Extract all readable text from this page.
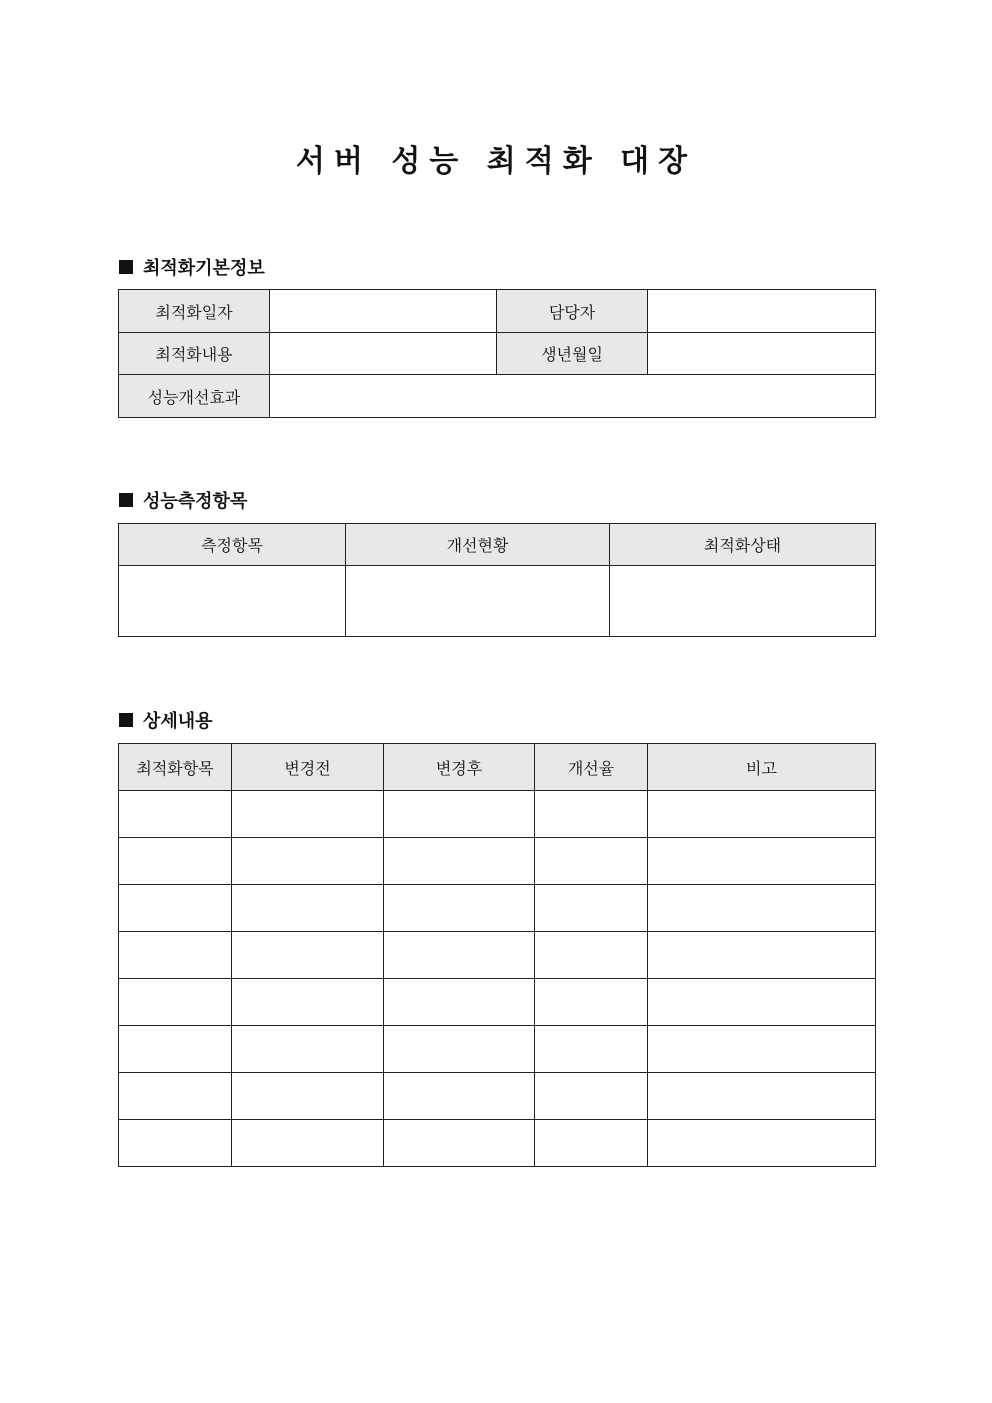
서버 성능 최적화 대장
최적화기본정보
최적화일자		담당자	
최적화내용		생년월일	
성능개선효과			
성능측정항목
측정항목	개선현황	최적화상태

상세내용
최적화항목	변경전	변경후	개선율	비고
